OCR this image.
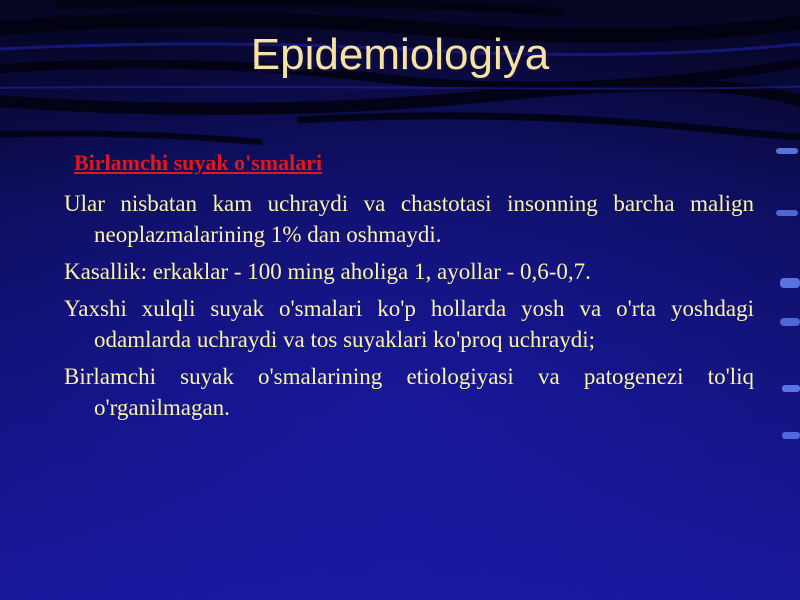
Epidemiologiya
Birlamchi suyak o'smalari
Ular nisbatan kam uchraydi va chastotasi insonning barcha malign neoplazmalarining 1% dan oshmaydi.
Kasallik: erkaklar - 100 ming aholiga 1, ayollar - 0,6-0,7.
Yaxshi xulqli suyak o'smalari ko'p hollarda yosh va o'rta yoshdagi odamlarda uchraydi va tos suyaklari ko'proq uchraydi;
Birlamchi suyak o'smalarining etiologiyasi va patogenezi to'liq o'rganilmagan.
